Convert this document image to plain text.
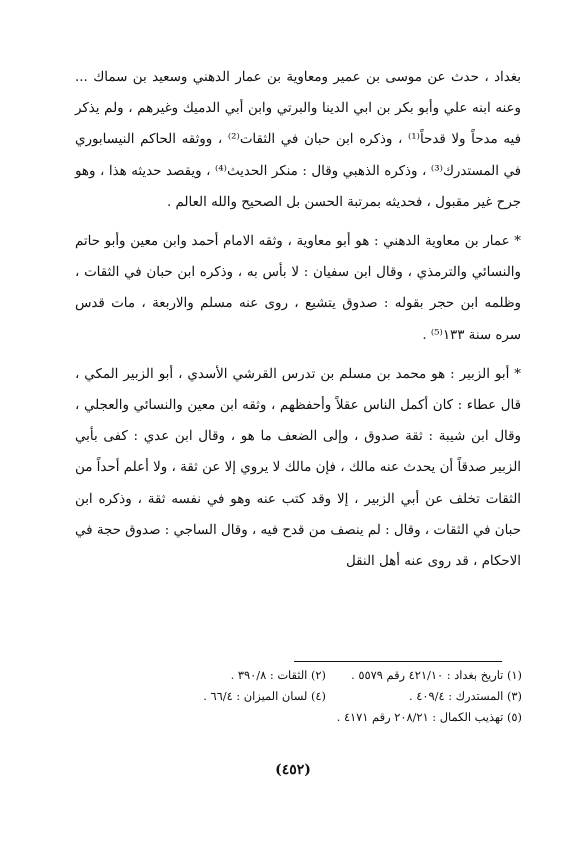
بغداد ، حدث عن موسى بن عمير ومعاوية بن عمار الدهني وسعيد بن سماك ... وعنه ابنه علي وأبو بكر بن ابي الدينا والبرتي وابن أبي الدميك وغيرهم ، ولم يذكر فيه مدحاً ولا قدحاً⁽¹⁾ ، وذكره ابن حبان في الثقات⁽²⁾ ، ووثقه الحاكم النيسابوري في المستدرك⁽³⁾ ، وذكره الذهبي وقال : منكر الحديث⁽⁴⁾ ، ويقصد حديثه هذا ، وهو جرح غير مقبول ، فحديثه بمرتبة الحسن بل الصحيح والله العالم .

* عمار بن معاوية الدهني : هو أبو معاوية ، وثقه الامام أحمد وابن معين وأبو حاتم والنسائي والترمذي ، وقال ابن سفيان : لا بأس به ، وذكره ابن حبان في الثقات ، وظلمه ابن حجر بقوله : صدوق يتشيع ، روى عنه مسلم والاربعة ، مات قدس سره سنة ١٣٣⁽⁵⁾ .

* أبو الزبير : هو محمد بن مسلم بن تدرس القرشي الأسدي ، أبو الزبير المكي ، قال عطاء : كان أكمل الناس عقلاً وأحفظهم ، وثقه ابن معين والنسائي والعجلي ، وقال ابن شيبة : ثقة صدوق ، وإلى الضعف ما هو ، وقال ابن عدي : كفى بأبي الزبير صدقاً أن يحدث عنه مالك ، فإن مالك لا يروي إلا عن ثقة ، ولا أعلم أحداً من الثقات تخلف عن أبي الزبير ، إلا وقد كتب عنه وهو في نفسه ثقة ، وذكره ابن حبان في الثقات ، وقال : لم ينصف من قدح فيه ، وقال الساجي : صدوق حجة في الاحكام ، قد روى عنه أهل النقل

(١) تاريخ بغداد : ٤٢١/١٠ رقم ٥٥٧٩ .
(٢) الثقات : ٣٩٠/٨ .
(٣) المستدرك : ٤٠٩/٤ .
(٤) لسان الميزان : ٦٦/٤ .
(٥) تهذيب الكمال : ٢٠٨/٢١ رقم ٤١٧١ .
(٤٥٢)
